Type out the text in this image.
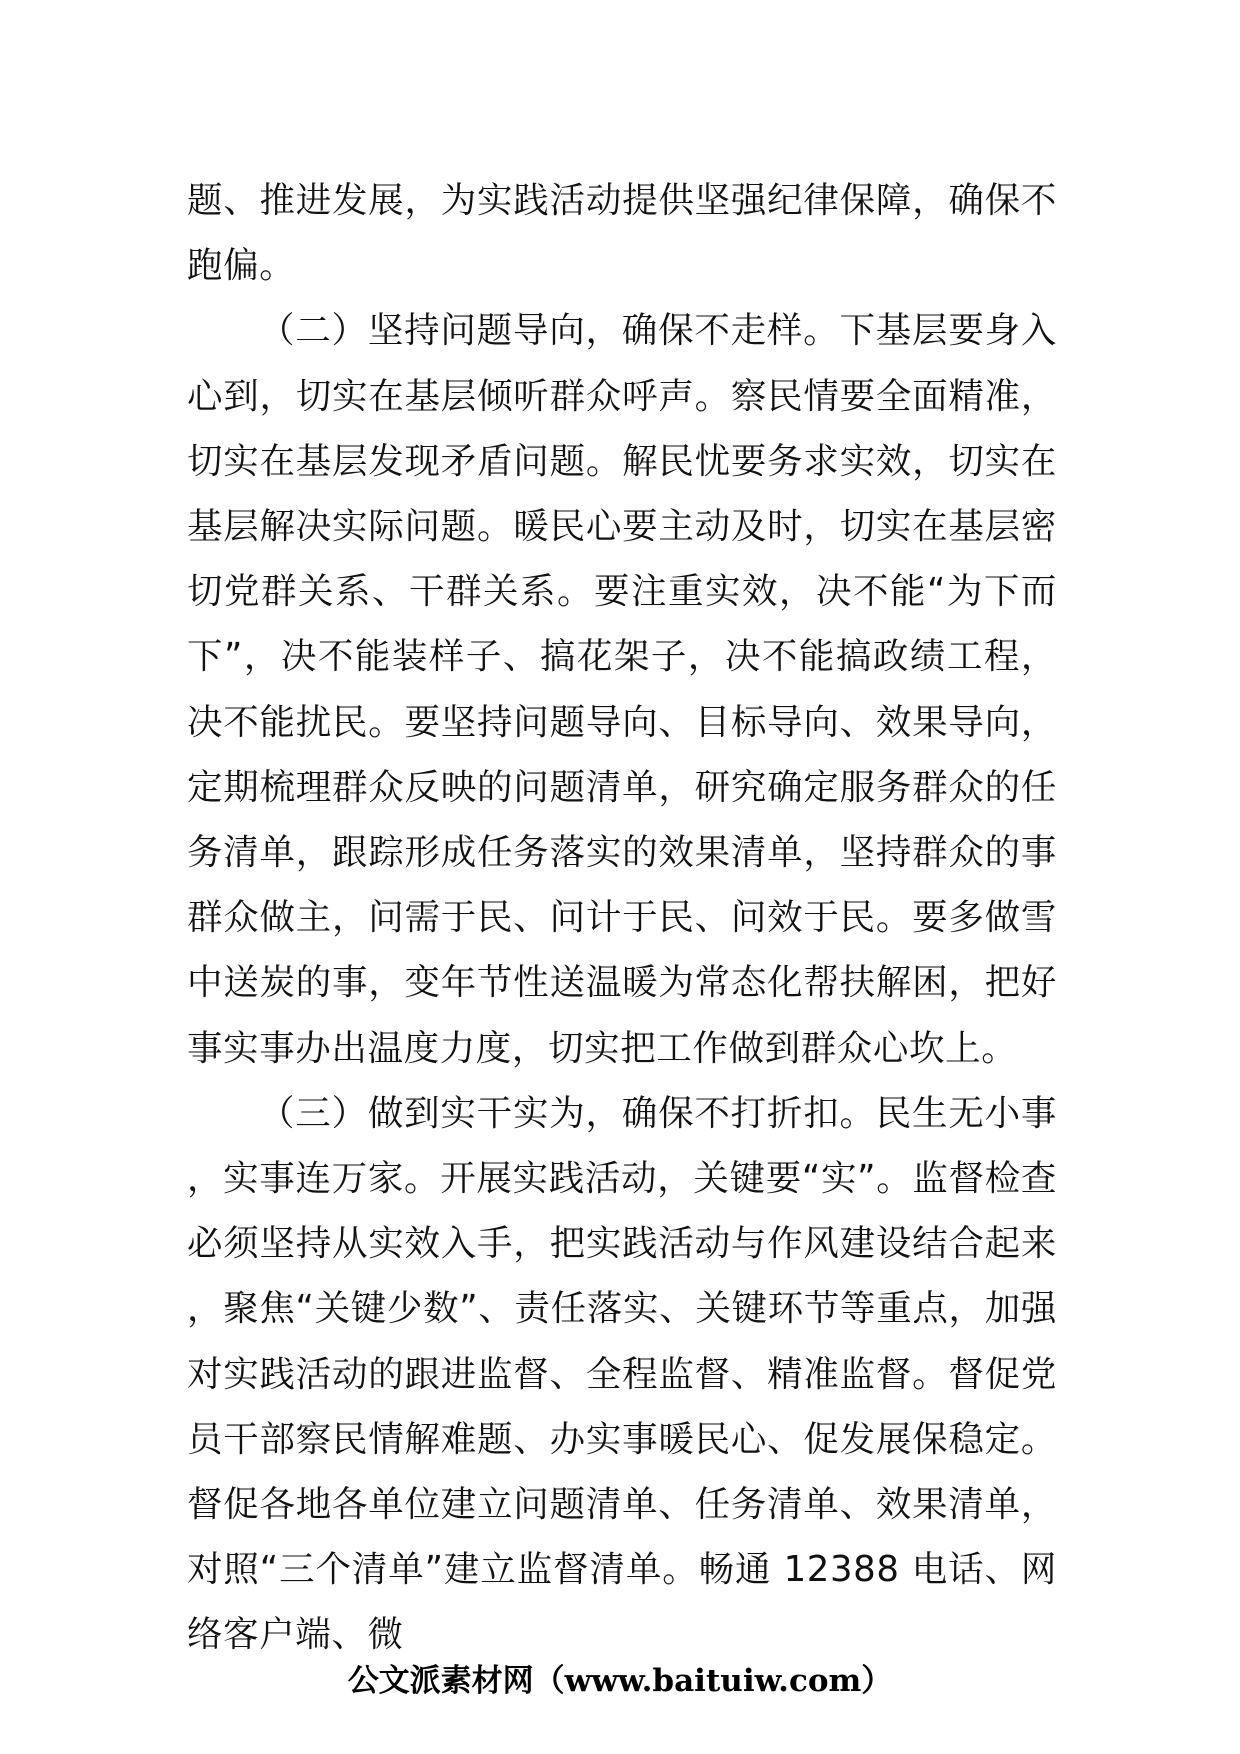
题、推进发展，为实践活动提供坚强纪律保障，确保不跑偏。

（二）坚持问题导向，确保不走样。下基层要身入心到，切实在基层倾听群众呼声。察民情要全面精准，切实在基层发现矛盾问题。解民忧要务求实效，切实在基层解决实际问题。暖民心要主动及时，切实在基层密切党群关系、干群关系。要注重实效，决不能“为下而下”，决不能装样子、搞花架子，决不能搞政绩工程，决不能扰民。要坚持问题导向、目标导向、效果导向，定期梳理群众反映的问题清单，研究确定服务群众的任务清单，跟踪形成任务落实的效果清单，坚持群众的事群众做主，问需于民、问计于民、问效于民。要多做雪中送炭的事，变年节性送温暖为常态化帮扶解困，把好事实事办出温度力度，切实把工作做到群众心坎上。

（三）做到实干实为，确保不打折扣。民生无小事，实事连万家。开展实践活动，关键要“实”。监督检查必须坚持从实效入手，把实践活动与作风建设结合起来，聚焦“关键少数”、责任落实、关键环节等重点，加强对实践活动的跟进监督、全程监督、精准监督。督促党员干部察民情解难题、办实事暖民心、促发展保稳定。督促各地各单位建立问题清单、任务清单、效果清单，对照“三个清单”建立监督清单。畅通 12388 电话、网络客户端、微

公文派素材网（www.baituiw.com）
